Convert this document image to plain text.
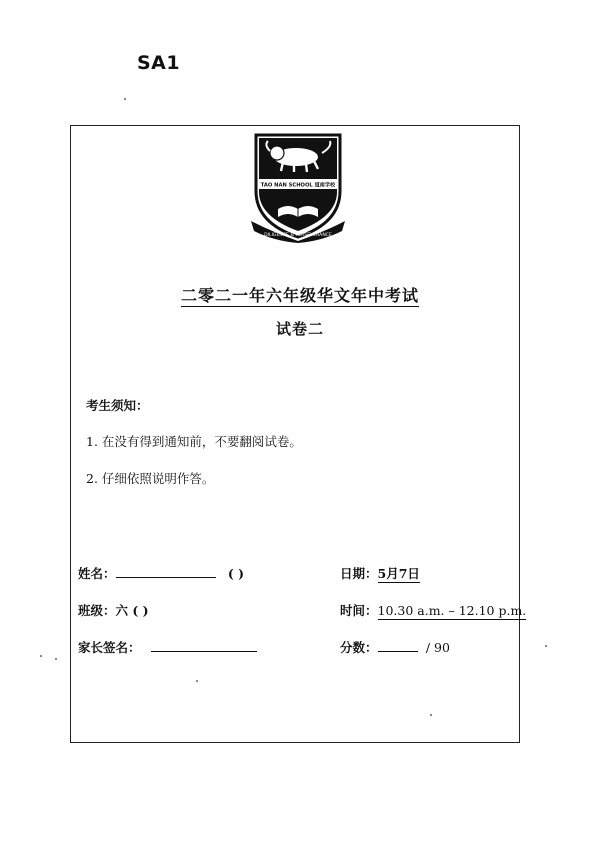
SA1
TAO NAN SCHOOL 道南学校
DILIGENCE & PERSEVERANCE
二零二一年六年级华文年中考试
试卷二
考生须知：
1. 在没有得到通知前，不要翻阅试卷。
2. 仔细依照说明作答。
姓名：	( )
班级：六 ( )
家长签名：
日期：5月7日
时间：10.30 a.m. – 12.10 p.m.
分数：	/ 90
